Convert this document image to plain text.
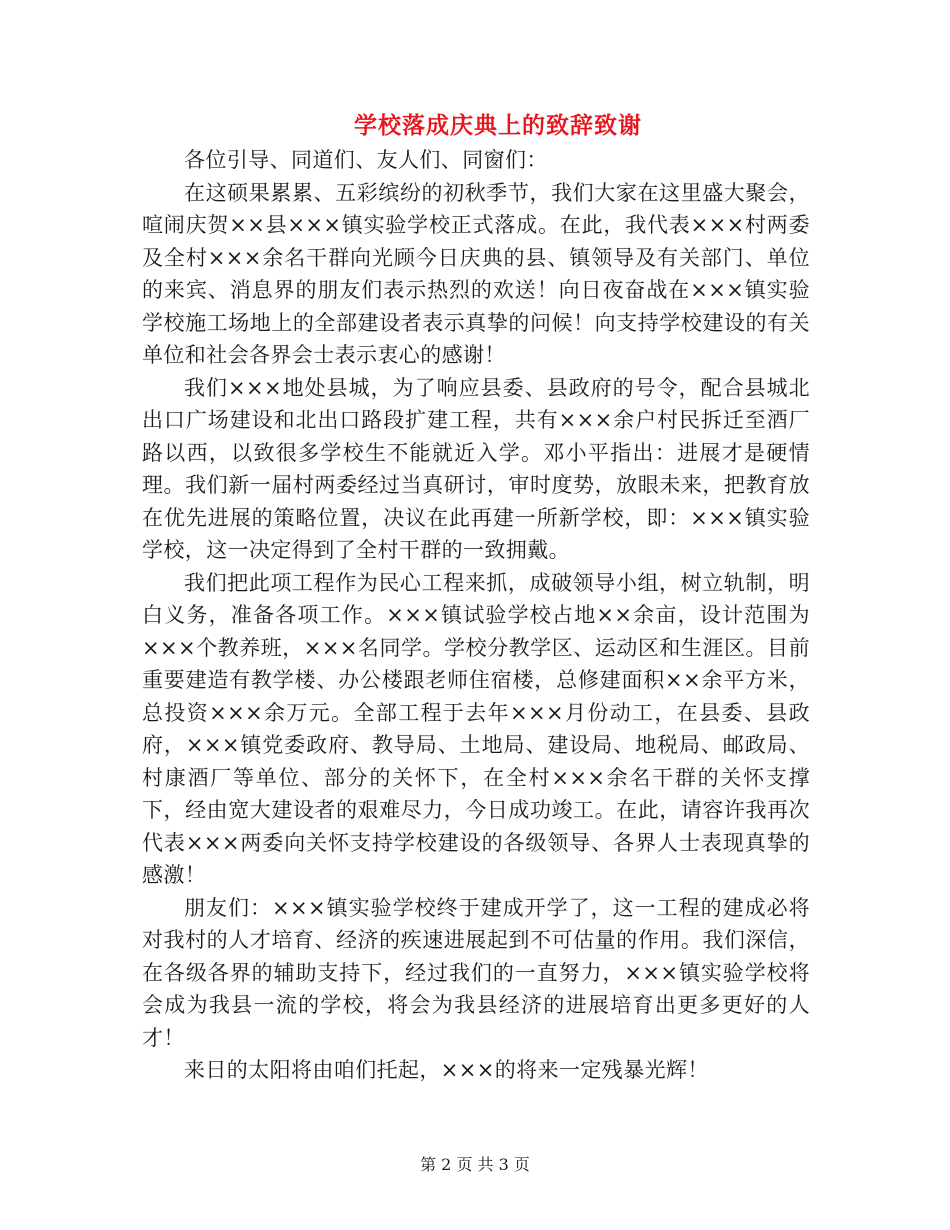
学校落成庆典上的致辞致谢

各位引导、同道们、友人们、同窗们：

在这硕果累累、五彩缤纷的初秋季节，我们大家在这里盛大聚会，喧闹庆贺××县×××镇实验学校正式落成。在此，我代表×××村两委及全村×××余名干群向光顾今日庆典的县、镇领导及有关部门、单位的来宾、消息界的朋友们表示热烈的欢送！向日夜奋战在×××镇实验学校施工场地上的全部建设者表示真挚的问候！向支持学校建设的有关单位和社会各界会士表示衷心的感谢！

我们×××地处县城，为了响应县委、县政府的号令，配合县城北出口广场建设和北出口路段扩建工程，共有×××余户村民拆迁至酒厂路以西，以致很多学校生不能就近入学。邓小平指出：进展才是硬情理。我们新一届村两委经过当真研讨，审时度势，放眼未来，把教育放在优先进展的策略位置，决议在此再建一所新学校，即：×××镇实验学校，这一决定得到了全村干群的一致拥戴。

我们把此项工程作为民心工程来抓，成破领导小组，树立轨制，明白义务，准备各项工作。×××镇试验学校占地××余亩，设计范围为×××个教养班，×××名同学。学校分教学区、运动区和生涯区。目前重要建造有教学楼、办公楼跟老师住宿楼，总修建面积××余平方米，总投资×××余万元。全部工程于去年×××月份动工，在县委、县政府，×××镇党委政府、教导局、土地局、建设局、地税局、邮政局、村康酒厂等单位、部分的关怀下，在全村×××余名干群的关怀支撑下，经由宽大建设者的艰难尽力，今日成功竣工。在此，请容许我再次代表×××两委向关怀支持学校建设的各级领导、各界人士表现真挚的感激！

朋友们：×××镇实验学校终于建成开学了，这一工程的建成必将对我村的人才培育、经济的疾速进展起到不可估量的作用。我们深信，在各级各界的辅助支持下，经过我们的一直努力，×××镇实验学校将会成为我县一流的学校，将会为我县经济的进展培育出更多更好的人才！

来日的太阳将由咱们托起，×××的将来一定残暴光辉！

第 2 页 共 3 页
